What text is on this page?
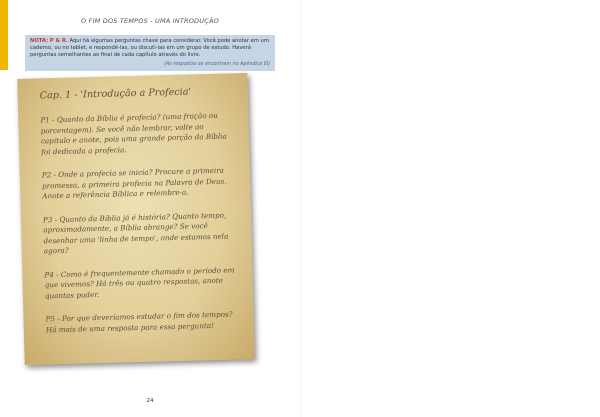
O FIM DOS TEMPOS - UMA INTRODUÇÃO
NOTA: P & R. Aqui há algumas perguntas chave para considerar. Você pode anotar em um caderno, ou no tablet, e respondê-las, ou discuti-las em um grupo de estudo. Haverá perguntas semelhantes ao final de cada capítulo através do livro.
(As respostas se encontram no Apêndice III)
Cap. 1 - 'Introdução a Profecia'

P1 - Quanto da Bíblia é profecia? (uma fração ou porcentagem). Se você não lembrar, volte ao capítulo e anote, pois uma grande porção da Bíblia foi dedicada a profecia.

P2 - Onde a profecia se inicia? Procure a primeira promessa, a primeira profecia na Palavra de Deus. Anote a referência Bíblica e relembre-a.

P3 - Quanto da Bíblia já é história? Quanto tempo, aproximadamente, a Bíblia abrange? Se você desenhar uma 'linha de tempo', onde estamos nela agora?

P4 - Como é frequentemente chamado o período em que vivemos? Há três ou quatro respostas, anote quantas puder.

P5 - Por que deveríamos estudar o fim dos tempos? Há mais de uma resposta para essa pergunta!

24
